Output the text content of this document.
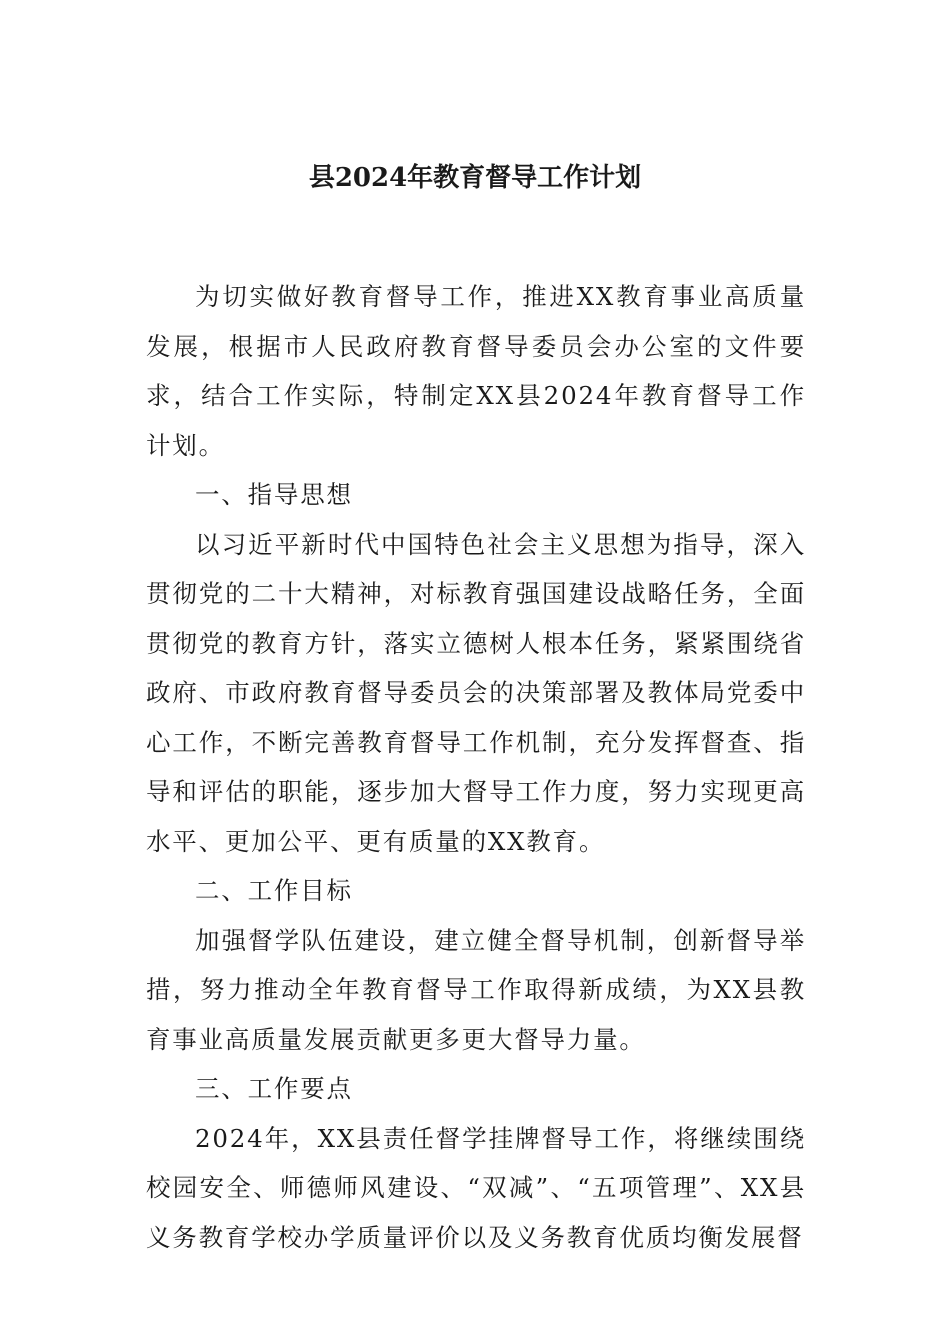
县2024年教育督导工作计划

为切实做好教育督导工作，推进XX教育事业高质量发展，根据市人民政府教育督导委员会办公室的文件要求，结合工作实际，特制定XX县2024年教育督导工作计划。

一、指导思想

以习近平新时代中国特色社会主义思想为指导，深入贯彻党的二十大精神，对标教育强国建设战略任务，全面贯彻党的教育方针，落实立德树人根本任务，紧紧围绕省政府、市政府教育督导委员会的决策部署及教体局党委中心工作，不断完善教育督导工作机制，充分发挥督查、指导和评估的职能，逐步加大督导工作力度，努力实现更高水平、更加公平、更有质量的XX教育。

二、工作目标

加强督学队伍建设，建立健全督导机制，创新督导举措，努力推动全年教育督导工作取得新成绩，为XX县教育事业高质量发展贡献更多更大督导力量。

三、工作要点

2024年，XX县责任督学挂牌督导工作，将继续围绕校园安全、师德师风建设、“双减”、“五项管理”、XX县义务教育学校办学质量评价以及义务教育优质均衡发展督
